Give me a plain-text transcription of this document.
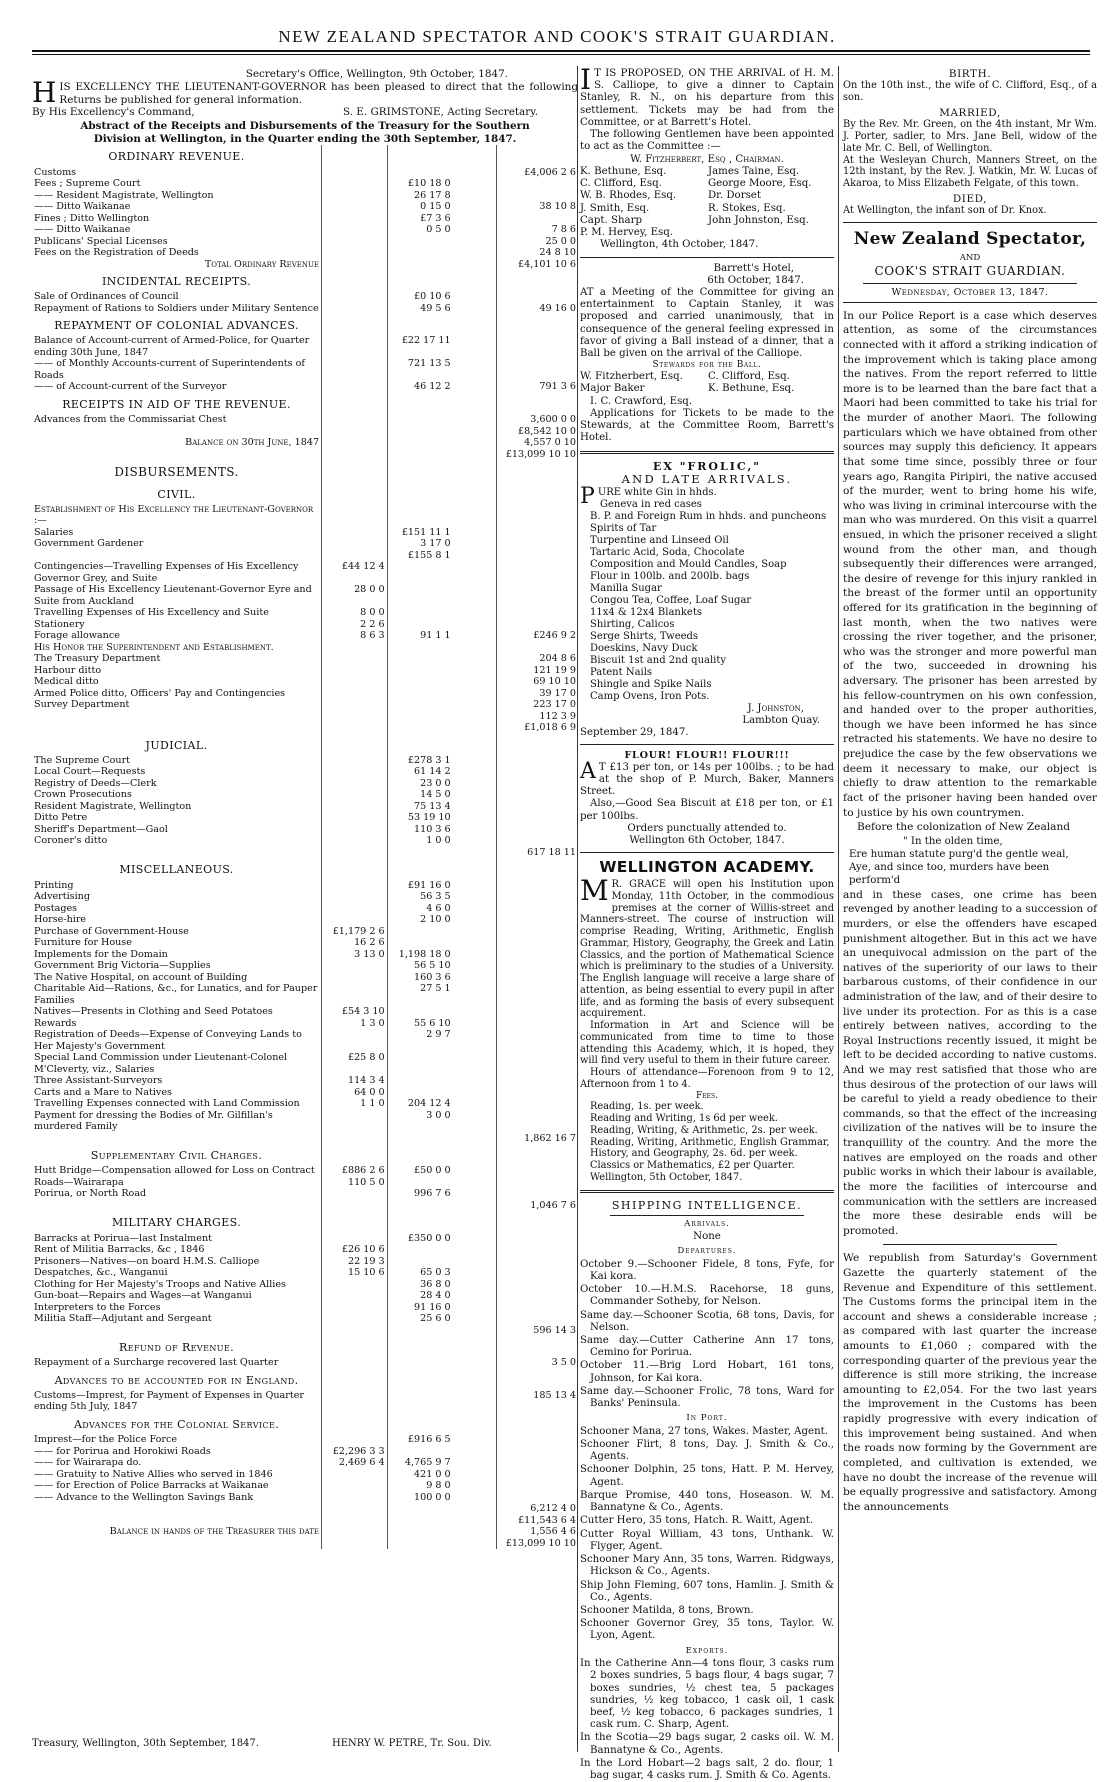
NEW ZEALAND SPECTATOR AND COOK'S STRAIT GUARDIAN.
Secretary's Office, Wellington, 9th October, 1847.

HIS EXCELLENCY THE LIEUTENANT-GOVERNOR has been pleased to direct that the following Returns be published for general information.

By His Excellency's Command,	S. E. GRIMSTONE, Acting Secretary.
Abstract of the Receipts and Disbursements of the Treasury for the Southern Division at Wellington, in the Quarter ending the 30th September, 1847.
ORDINARY REVENUE.				
Customs				£4,006 2 6
Fees ; Supreme Court		£10 18 0		
—— Resident Magistrate, Wellington		26 17 8		
—— Ditto Waikanae		0 15 0		38 10 8
Fines ; Ditto Wellington		£7 3 6		
—— Ditto Waikanae		0 5 0		7 8 6
Publicans' Special Licenses				25 0 0
Fees on the Registration of Deeds				24 8 10
Total Ordinary Revenue				£4,101 10 6
INCIDENTAL RECEIPTS.				
Sale of Ordinances of Council		£0 10 6		
Repayment of Rations to Soldiers under Military Sentence		49 5 6		49 16 0
REPAYMENT OF COLONIAL ADVANCES.				
Balance of Account-current of Armed-Police, for Quarter ending 30th June, 1847		£22 17 11		
—— of Monthly Accounts-current of Superintendents of Roads		721 13 5		
—— of Account-current of the Surveyor		46 12 2		791 3 6
RECEIPTS IN AID OF THE REVENUE.				
Advances from the Commissariat Chest				3,600 0 0
				£8,542 10 0
Balance on 30th June, 1847				4,557 0 10
				£13,099 10 10
DISBURSEMENTS.				
CIVIL.				
Establishment of His Excellency the Lieutenant-Governor :—				
Salaries		£151 11 1		
Government Gardener		3 17 0		
		£155 8 1		
Contingencies—Travelling Expenses of His Excellency Governor Grey, and Suite	£44 12 4			
Passage of His Excellency Lieutenant-Governor Eyre and Suite from Auckland	28 0 0			
Travelling Expenses of His Excellency and Suite	8 0 0			
Stationery	2 2 6			
Forage allowance	8 6 3	91 1 1		£246 9 2
His Honor the Superintendent and Establishment.				
The Treasury Department				204 8 6
Harbour ditto				121 19 9
Medical ditto				69 10 10
Armed Police ditto, Officers' Pay and Contingencies				39 17 0
Survey Department				223 17 0
				112 3 9
				£1,018 6 9
JUDICIAL.				
The Supreme Court		£278 3 1		
Local Court—Requests		61 14 2		
Registry of Deeds—Clerk		23 0 0		
Crown Prosecutions		14 5 0		
Resident Magistrate, Wellington		75 13 4		
Ditto Petre		53 19 10		
Sheriff's Department—Gaol		110 3 6		
Coroner's ditto		1 0 0		
				617 18 11
MISCELLANEOUS.				
Printing		£91 16 0		
Advertising		56 3 5		
Postages		4 6 0		
Horse-hire		2 10 0		
Purchase of Government-House	£1,179 2 6			
Furniture for House	16 2 6			
Implements for the Domain	3 13 0	1,198 18 0		
Government Brig Victoria—Supplies		56 5 10		
The Native Hospital, on account of Building		160 3 6		
Charitable Aid—Rations, &c., for Lunatics, and for Pauper Families		27 5 1		
Natives—Presents in Clothing and Seed Potatoes	£54 3 10			
Rewards	1 3 0	55 6 10		
Registration of Deeds—Expense of Conveying Lands to Her Majesty's Government		2 9 7		
Special Land Commission under Lieutenant-Colonel M'Cleverty, viz., Salaries	£25 8 0			
Three Assistant-Surveyors	114 3 4			
Carts and a Mare to Natives	64 0 0			
Travelling Expenses connected with Land Commission	1 1 0	204 12 4		
Payment for dressing the Bodies of Mr. Gilfillan's murdered Family		3 0 0		
				1,862 16 7
Supplementary Civil Charges.				
Hutt Bridge—Compensation allowed for Loss on Contract	£886 2 6	£50 0 0		
Roads—Wairarapa	110 5 0			
Porirua, or North Road		996 7 6		
				1,046 7 6
MILITARY CHARGES.				
Barracks at Porirua—last Instalment		£350 0 0		
Rent of Militia Barracks, &c , 1846	£26 10 6			
Prisoners—Natives—on board H.M.S. Calliope	22 19 3			
Despatches, &c., Wanganui	15 10 6	65 0 3		
Clothing for Her Majesty's Troops and Native Allies		36 8 0		
Gun-boat—Repairs and Wages—at Wanganui		28 4 0		
Interpreters to the Forces		91 16 0		
Militia Staff—Adjutant and Sergeant		25 6 0		
				596 14 3
Refund of Revenue.				
Repayment of a Surcharge recovered last Quarter				3 5 0
Advances to be accounted for in England.				
Customs—Imprest, for Payment of Expenses in Quarter ending 5th July, 1847				185 13 4
Advances for the Colonial Service.				
Imprest—for the Police Force		£916 6 5		
—— for Porirua and Horokiwi Roads	£2,296 3 3			
—— for Wairarapa do.	2,469 6 4	4,765 9 7		
—— Gratuity to Native Allies who served in 1846		421 0 0		
—— for Erection of Police Barracks at Waikanae		9 8 0		
—— Advance to the Wellington Savings Bank		100 0 0		
				6,212 4 0
				£11,543 6 4
Balance in hands of the Treasurer this date				1,556 4 6
				£13,099 10 10
Treasury, Wellington, 30th September, 1847.	HENRY W. PETRE, Tr. Sou. Div.

I T IS PROPOSED, ON THE ARRIVAL of H. M. S. Calliope, to give a dinner to Captain Stanley, R. N., on his departure from this settlement. Tickets may be had from the Committee, or at Barrett's Hotel.

The following Gentlemen have been appointed to act as the Committee :—

W. Fitzherbert, Esq , Chairman.
K. Bethune, Esq.	James Taine, Esq.
C. Clifford, Esq.	George Moore, Esq.
W. B. Rhodes, Esq.	Dr. Dorset
J. Smith, Esq.	R. Stokes, Esq.
Capt. Sharp	John Johnston, Esq.
P. M. Hervey, Esq.
Wellington, 4th October, 1847.
Barrett's Hotel,
6th October, 1847.

AT a Meeting of the Committee for giving an entertainment to Captain Stanley, it was proposed and carried unanimously, that in consequence of the general feeling expressed in favor of giving a Ball instead of a dinner, that a Ball be given on the arrival of the Calliope.

Stewards for the Ball.
W. Fitzherbert, Esq.	C. Clifford, Esq.
Major Baker	K. Bethune, Esq.
I. C. Crawford, Esq.

Applications for Tickets to be made to the Stewards, at the Committee Room, Barrett's Hotel.

EX "FROLIC,"
AND LATE ARRIVALS.
PURE white Gin in hhds.
Geneva in red cases
B. P. and Foreign Rum in hhds. and puncheons
Spirits of Tar
Turpentine and Linseed Oil
Tartaric Acid, Soda, Chocolate
Composition and Mould Candles, Soap
Flour in 100lb. and 200lb. bags
Manilla Sugar
Congou Tea, Coffee, Loaf Sugar
11x4 & 12x4 Blankets
Shirting, Calicos
Serge Shirts, Tweeds
Doeskins, Navy Duck
Biscuit 1st and 2nd quality
Patent Nails
Shingle and Spike Nails
Camp Ovens, Iron Pots.
J. Johnston,
Lambton Quay.
September 29, 1847.
FLOUR! FLOUR!! FLOUR!!!

A T £13 per ton, or 14s per 100lbs. ; to be had at the shop of P. Murch, Baker, Manners Street.

Also,—Good Sea Biscuit at £18 per ton, or £1 per 100lbs.

Orders punctually attended to.
Wellington 6th October, 1847.
WELLINGTON ACADEMY.

M R. GRACE will open his Institution upon Monday, 11th October, in the commodious premises at the corner of Willis-street and Manners-street. The course of instruction will comprise Reading, Writing, Arithmetic, English Grammar, History, Geography, the Greek and Latin Classics, and the portion of Mathematical Science which is preliminary to the studies of a University. The English language will receive a large share of attention, as being essential to every pupil in after life, and as forming the basis of every subsequent acquirement.

Information in Art and Science will be communicated from time to time to those attending this Academy, which, it is hoped, they will find very useful to them in their future career.

Hours of attendance—Forenoon from 9 to 12, Afternoon from 1 to 4.

Fees.
Reading, 1s. per week.
Reading and Writing, 1s 6d per week.
Reading, Writing, & Arithmetic, 2s. per week.
Reading, Writing, Arithmetic, English Grammar, History, and Geography, 2s. 6d. per week.
Classics or Mathematics, £2 per Quarter.
Wellington, 5th October, 1847.
SHIPPING INTELLIGENCE.
Arrivals.
None
Departures.

October 9.—Schooner Fidele, 8 tons, Fyfe, for Kai kora.

October 10.—H.M.S. Racehorse, 18 guns, Commander Sotheby, for Nelson.

Same day.—Schooner Scotia, 68 tons, Davis, for Nelson.

Same day.—Cutter Catherine Ann 17 tons, Cemino for Porirua.

October 11.—Brig Lord Hobart, 161 tons, Johnson, for Kai kora.

Same day.—Schooner Frolic, 78 tons, Ward for Banks' Peninsula.

In Port.

Schooner Mana, 27 tons, Wakes. Master, Agent.

Schooner Flirt, 8 tons, Day. J. Smith & Co., Agents.

Schooner Dolphin, 25 tons, Hatt. P. M. Hervey, Agent.

Barque Promise, 440 tons, Hoseason. W. M. Bannatyne & Co., Agents.

Cutter Hero, 35 tons, Hatch. R. Waitt, Agent.

Cutter Royal William, 43 tons, Unthank. W. Flyger, Agent.

Schooner Mary Ann, 35 tons, Warren. Ridgways, Hickson & Co., Agents.

Ship John Fleming, 607 tons, Hamlin. J. Smith & Co., Agents.

Schooner Matilda, 8 tons, Brown.

Schooner Governor Grey, 35 tons, Taylor. W. Lyon, Agent.

Exports.

In the Catherine Ann—4 tons flour, 3 casks rum 2 boxes sundries, 5 bags flour, 4 bags sugar, 7 boxes sundries, ½ chest tea, 5 packages sundries, ½ keg tobacco, 1 cask oil, 1 cask beef, ½ keg tobacco, 6 packages sundries, 1 cask rum. C. Sharp, Agent.

In the Scotia—29 bags sugar, 2 casks oil. W. M. Bannatyne & Co., Agents.

In the Lord Hobart—2 bags salt, 2 do. flour, 1 bag sugar, 4 casks rum. J. Smith & Co. Agents.

BIRTH.

On the 10th inst., the wife of C. Clifford, Esq., of a son.

MARRIED,

By the Rev. Mr. Green, on the 4th instant, Mr Wm. J. Porter, sadler, to Mrs. Jane Bell, widow of the late Mr. C. Bell, of Wellington.

At the Wesleyan Church, Manners Street, on the 12th instant, by the Rev. J. Watkin, Mr. W. Lucas of Akaroa, to Miss Elizabeth Felgate, of this town.

DIED,

At Wellington, the infant son of Dr. Knox.

New Zealand Spectator,
AND
COOK'S STRAIT GUARDIAN.
Wednesday, October 13, 1847.

In our Police Report is a case which deserves attention, as some of the circumstances connected with it afford a striking indication of the improvement which is taking place among the natives. From the report referred to little more is to be learned than the bare fact that a Maori had been committed to take his trial for the murder of another Maori. The following particulars which we have obtained from other sources may supply this deficiency. It appears that some time since, possibly three or four years ago, Rangita Piripiri, the native accused of the murder, went to bring home his wife, who was living in criminal intercourse with the man who was murdered. On this visit a quarrel ensued, in which the prisoner received a slight wound from the other man, and though subsequently their differences were arranged, the desire of revenge for this injury rankled in the breast of the former until an opportunity offered for its gratification in the beginning of last month, when the two natives were crossing the river together, and the prisoner, who was the stronger and more powerful man of the two, succeeded in drowning his adversary. The prisoner has been arrested by his fellow-countrymen on his own confession, and handed over to the proper authorities, though we have been informed he has since retracted his statements. We have no desire to prejudice the case by the few observations we deem it necessary to make, our object is chiefly to draw attention to the remarkable fact of the prisoner having been handed over to justice by his own countrymen.

Before the colonization of New Zealand

" In the olden time,
Ere human statute purg'd the gentle weal,
Aye, and since too, murders have been perform'd

and in these cases, one crime has been revenged by another leading to a succession of murders, or else the offenders have escaped punishment altogether. But in this act we have an unequivocal admission on the part of the natives of the superiority of our laws to their barbarous customs, of their confidence in our administration of the law, and of their desire to live under its protection. For as this is a case entirely between natives, according to the Royal Instructions recently issued, it might be left to be decided according to native customs. And we may rest satisfied that those who are thus desirous of the protection of our laws will be careful to yield a ready obedience to their commands, so that the effect of the increasing civilization of the natives will be to insure the tranquillity of the country. And the more the natives are employed on the roads and other public works in which their labour is available, the more the facilities of intercourse and communication with the settlers are increased the more these desirable ends will be promoted.

We republish from Saturday's Government Gazette the quarterly statement of the Revenue and Expenditure of this settlement. The Customs forms the principal item in the account and shews a considerable increase ; as compared with last quarter the increase amounts to £1,060 ; compared with the corresponding quarter of the previous year the difference is still more striking, the increase amounting to £2,054. For the two last years the improvement in the Customs has been rapidly progressive with every indication of this improvement being sustained. And when the roads now forming by the Government are completed, and cultivation is extended, we have no doubt the increase of the revenue will be equally progressive and satisfactory. Among the announcements
